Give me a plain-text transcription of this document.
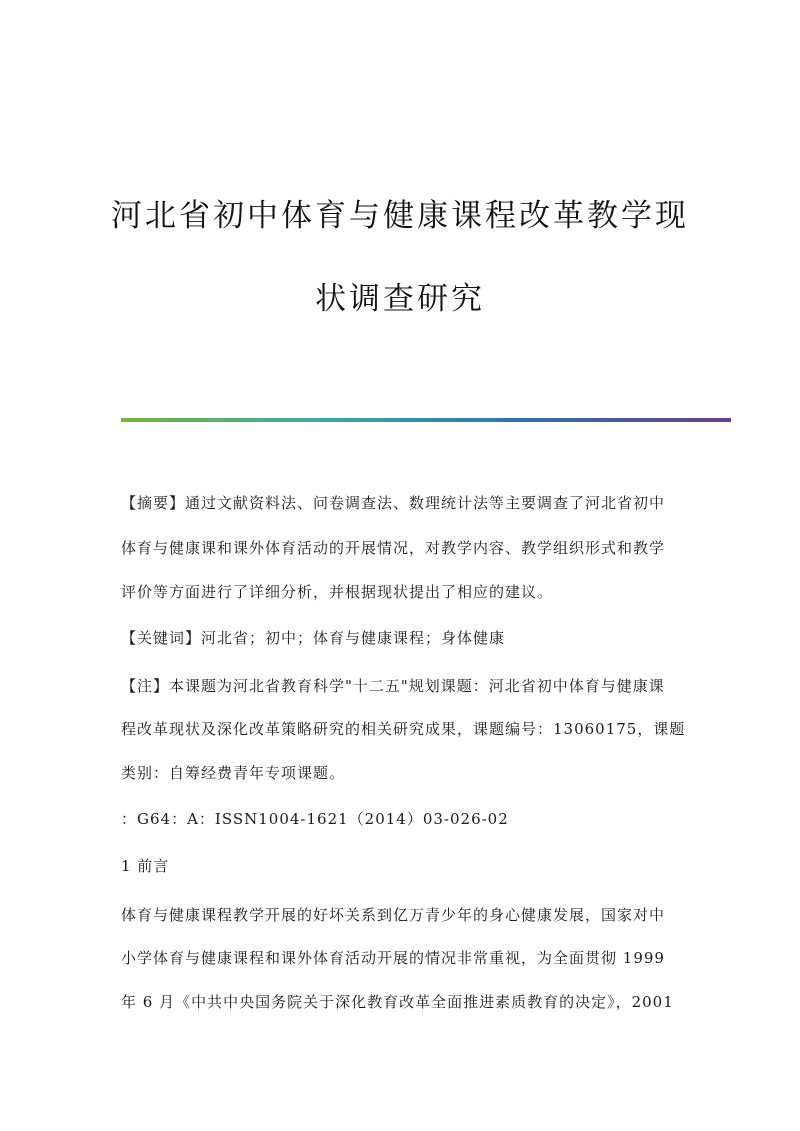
河北省初中体育与健康课程改革教学现
状调查研究
【摘要】通过文献资料法、问卷调查法、数理统计法等主要调查了河北省初中
体育与健康课和课外体育活动的开展情况，对教学内容、教学组织形式和教学
评价等方面进行了详细分析，并根据现状提出了相应的建议。
【关键词】河北省；初中；体育与健康课程；身体健康
【注】本课题为河北省教育科学"十二五"规划课题：河北省初中体育与健康课
程改革现状及深化改革策略研究的相关研究成果，课题编号：13060175，课题
类别：自筹经费青年专项课题。
：G64：A：ISSN1004-1621（2014）03-026-02
1 前言
体育与健康课程教学开展的好坏关系到亿万青少年的身心健康发展，国家对中
小学体育与健康课程和课外体育活动开展的情况非常重视，为全面贯彻 1999
年 6 月《中共中央国务院关于深化教育改革全面推进素质教育的决定》，2001
